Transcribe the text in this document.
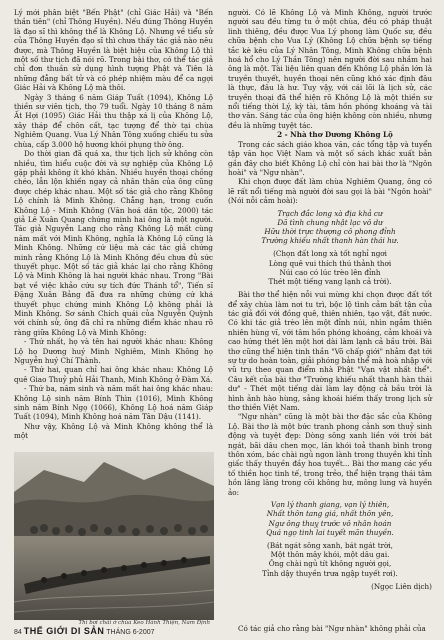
Lý mới phân biệt "Bến Phật" (chỉ Giác Hải) và "Bến thần tiên" (chỉ Thông Huyền). Nếu đúng Thông Huyền là đạo sĩ thì không thể là Không Lộ. Nhưng về tiểu sử của Thông Huyền đạo sĩ thì chưa thấy tác giả nào nêu được, mà Thông Huyền là biệt hiệu của Không Lộ thì một số thư tịch đã nói rõ. Trong bài thơ, có thể tác giả chỉ đơn thuần sử dụng hình tượng Phật và Tiên là những đẳng bất tử và có phép nhiệm màu để ca ngợi Giác Hải và Không Lộ mà thôi.

Ngày 3 tháng 6 năm Giáp Tuất (1094), Không Lộ thiền sư viên tịch, thọ 79 tuổi. Ngày 10 tháng 8 năm Ất Hợi (1095) Giác Hải thu thập xá lị của Không Lộ, xây tháp để chôn cất, tạc tượng để thờ tại chùa Nghiêm Quang. Vua Lý Nhân Tông xuống chiếu tu sửa chùa, cấp 3.000 hộ hương khói phụng thờ ông.

Do thời gian đã quá xa, thư tịch lịch sử không còn nhiều, tìm hiểu cuộc đời và sự nghiệp của Không Lộ gặp phải không ít khó khăn. Nhiều huyền thoại chồng chéo, lẫn lộn khiến ngay cả nhân thân của ông cũng được chép khác nhau. Một số tác giả cho rằng Không Lộ chính là Minh Không. Chẳng hạn, trong cuốn Không Lộ - Minh Không (Văn hoá dân tộc, 2000) tác giả Lê Xuân Quang chứng minh hai ông là một người. Tác giả Nguyễn Lang cho rằng Không Lộ mất cùng năm mất với Minh Không, nghĩa là Không Lộ cũng là Minh Không. Những cứ liệu mà các tác giả chứng minh rằng Không Lộ là Minh Không đều chưa đủ sức thuyết phục. Một số tác giả khác lại cho rằng Không Lộ và Minh Không là hai người khác nhau. Trong "Bài bạt về việc khảo cứu sự tích đức Thánh tổ", Tiến sĩ Đặng Xuân Bảng đã đưa ra những chứng cứ khá thuyết phục chứng minh Không Lộ không phải là Minh Không. Sơ sánh Chích quái của Nguyễn Quỳnh với chính sử, ông đã chỉ ra những điểm khác nhau rõ ràng giữa Không Lộ và Minh Không:

- Thứ nhất, họ và tên hai người khác nhau: Không Lộ họ Dương huý Minh Nghiêm, Minh Không họ Nguyễn huý Chí Thành.

- Thứ hai, quan chỉ hai ông khác nhau: Không Lộ quê Giao Thuỷ phủ Hải Thanh, Minh Không ở Đàm Xá.

- Thứ ba, năm sinh và năm mất hai ông khác nhau: Không Lộ sinh năm Bính Thìn (1016), Minh Không sinh năm Bính Ngọ (1066), Không Lộ hoá năm Giáp Tuất (1094), Minh Không hoá năm Tân Dậu (1141).

Như vậy, Không Lộ và Minh Không không thể là một

Thi bơi chải ở chùa Keo Hành Thiện, Nam Định
84 THẾ GIỚI DI SẢN THÁNG 6-2007

người. Có lẽ Không Lộ và Minh Không, người trước người sau đều từng tu ở một chùa, đều có pháp thuật linh thiêng, đều được Vua Lý phong làm Quốc sư, đều chữa bệnh cho Vua Lý (Không Lộ chữa bệnh sợ tiếng tắc kè kêu của Lý Nhân Tông, Minh Không chữa bệnh hoá hổ cho Lý Thần Tông) nên người đời sau nhầm hai ông là một. Tài liệu liên quan đến Không Lộ phần lớn là truyền thuyết, huyền thoại nên cũng khó xác định đâu là thực, đâu là hư. Tuy vậy, với cái lõi là lịch sử, các truyền thoại đã thể hiện rõ Không Lộ là một thiền sư nổi tiếng thời Lý, kỳ tài, tâm hồn phóng khoáng và tài thơ văn. Sáng tác của ông hiện không còn nhiều, nhưng đều là những tuyệt tác.

2 - Nhà thơ Dương Không Lộ

Trong các sách giáo khoa văn, các tổng tập và tuyển tập văn học Việt Nam và một số sách khác xuất bản gần đây cho biết Không Lộ chỉ còn hai bài thơ là "Ngôn hoài" và "Ngư nhàn".

Khi chọn được đất làm chùa Nghiêm Quang, ông có lẽ rất nổi tiếng mà người đời sau gọi là bài "Ngôn hoài" (Nói nỗi cảm hoài):

Trạch đắc long xà địa khả cư
Dã tình chung nhật lạc vô dư
Hữu thời trực thượng cô phong đỉnh
Trường khiếu nhất thanh hàn thái hư.
(Chọn đất long xà tốt nghỉ ngơi
Lòng quê vui thích thú thảnh thơi
Núi cao có lúc trèo lên đỉnh
Thét một tiếng vang lạnh cả trời).

Bài thơ thể hiện nỗi vui mừng khi chọn được đất tốt để xây chùa làm nơi tu trì, bộc lộ tình cảm bất tận của tác giả đối với đồng quê, thiên nhiên, tạo vật, đất nước. Có khi tác giả trèo lên một đỉnh núi, nhìn ngắm thiên nhiên hùng vĩ, với tâm hồn phóng khoáng, cảm khoái và cao hứng thét lên một hơi dài làm lạnh cả bầu trời. Bài thơ cũng thể hiện tinh thần "Võ chấp giới" nhằm đạt tới sự tự do hoàn toàn, giải phóng bản thể mà hoà nhập với vũ trụ theo quan điểm nhà Phật "Vạn vật nhất thể". Câu kết của bài thơ "Trường khiếu nhất thanh hàn thái dư" - Thét một tiếng dài làm lay động cả bầu trời là hình ảnh hào hùng, sảng khoái hiếm thấy trong lịch sử thơ thiền Việt Nam.

"Ngư nhàn" cũng là một bài thơ đặc sắc của Không Lộ. Bài thơ là một bức tranh phong cảnh sơn thuỷ sinh động và tuyệt đẹp: Dòng sông xanh liền với trời bát ngát, bãi dâu chen mọc, lăn khói toả thanh bình trong thôn xóm, bác chài ngủ ngon lành trong thuyền khi tỉnh giấc thấy thuyền đầy hoa tuyết... Bài thơ mang các yếu tố thiền học tinh tế, trong trẻo, thể hiện trạng thái tâm hồn lâng lâng trong cõi không hư, mông lung và huyền ảo:

Vạn lý thanh giang, vạn lý thiên,
Nhất thôn tang giá, nhất thôn yên,
Ngư ông thuỵ trước vô nhân hoán
Quá ngọ tinh lai tuyết mãn thuyền.
(Bát ngát sông xanh, bát ngát trời,
Một thôn mây khói, một dâu gai.
Ông chài ngủ tít không người gọi,
Tỉnh dậy thuyền trưa ngập tuyết rơi).

(Ngọc Liên dịch)

Có tác giả cho rằng bài "Ngư nhàn" không phải của
